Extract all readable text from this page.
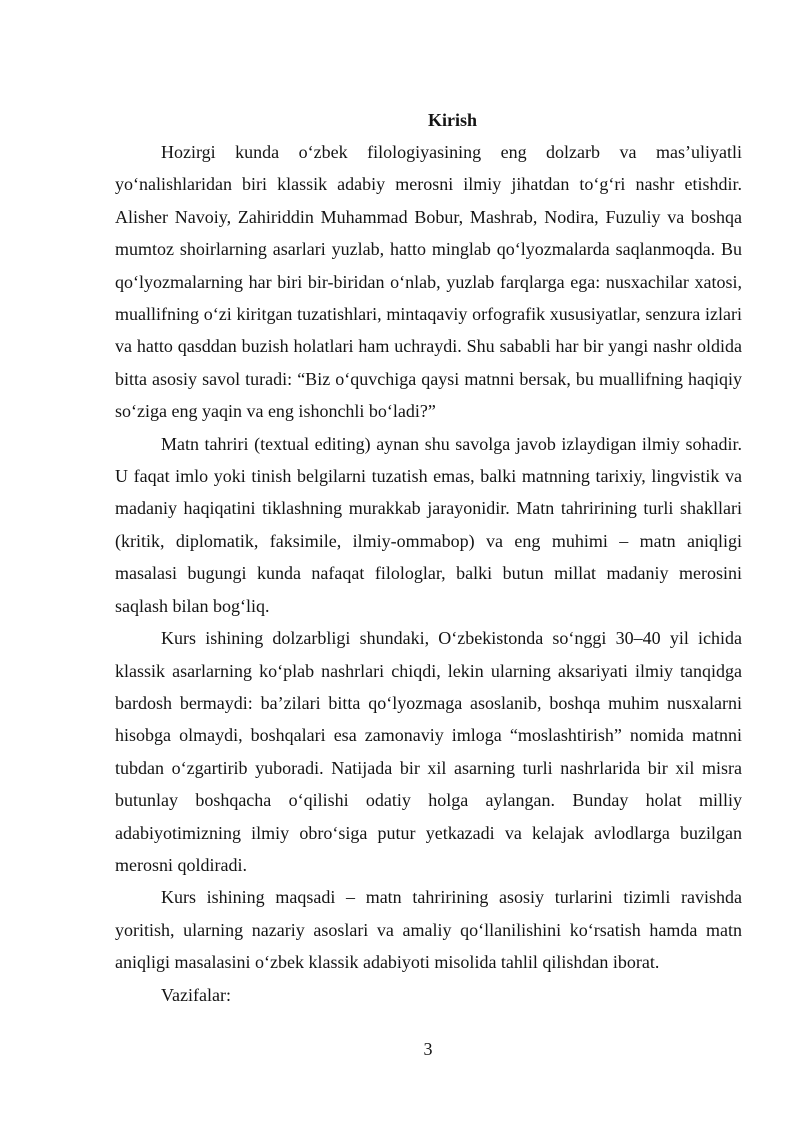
Kirish

Hozirgi kunda oʻzbek filologiyasining eng dolzarb va mas’uliyatli yoʻnalishlaridan biri klassik adabiy merosni ilmiy jihatdan toʻgʻri nashr etishdir. Alisher Navoiy, Zahiriddin Muhammad Bobur, Mashrab, Nodira, Fuzuliy va boshqa mumtoz shoirlarning asarlari yuzlab, hatto minglab qoʻlyozmalarda saqlanmoqda. Bu qoʻlyozmalarning har biri bir-biridan oʻnlab, yuzlab farqlarga ega: nusxachilar xatosi, muallifning oʻzi kiritgan tuzatishlari, mintaqaviy orfografik xususiyatlar, senzura izlari va hatto qasddan buzish holatlari ham uchraydi. Shu sababli har bir yangi nashr oldida bitta asosiy savol turadi: “Biz oʻquvchiga qaysi matnni bersak, bu muallifning haqiqiy soʻziga eng yaqin va eng ishonchli boʻladi?”

Matn tahriri (textual editing) aynan shu savolga javob izlaydigan ilmiy sohadir. U faqat imlo yoki tinish belgilarni tuzatish emas, balki matnning tarixiy, lingvistik va madaniy haqiqatini tiklashning murakkab jarayonidir. Matn tahririning turli shakllari (kritik, diplomatik, faksimile, ilmiy-ommabop) va eng muhimi – matn aniqligi masalasi bugungi kunda nafaqat filologlar, balki butun millat madaniy merosini saqlash bilan bogʻliq.

Kurs ishining dolzarbligi shundaki, Oʻzbekistonda soʻnggi 30–40 yil ichida klassik asarlarning koʻplab nashrlari chiqdi, lekin ularning aksariyati ilmiy tanqidga bardosh bermaydi: ba’zilari bitta qoʻlyozmaga asoslanib, boshqa muhim nusxalarni hisobga olmaydi, boshqalari esa zamonaviy imloga “moslashtirish” nomida matnni tubdan oʻzgartirib yuboradi. Natijada bir xil asarning turli nashrlarida bir xil misra butunlay boshqacha oʻqilishi odatiy holga aylangan. Bunday holat milliy adabiyotimizning ilmiy obroʻsiga putur yetkazadi va kelajak avlodlarga buzilgan merosni qoldiradi.

Kurs ishining maqsadi – matn tahririning asosiy turlarini tizimli ravishda yoritish, ularning nazariy asoslari va amaliy qoʻllanilishini koʻrsatish hamda matn aniqligi masalasini oʻzbek klassik adabiyoti misolida tahlil qilishdan iborat.

Vazifalar:

3
